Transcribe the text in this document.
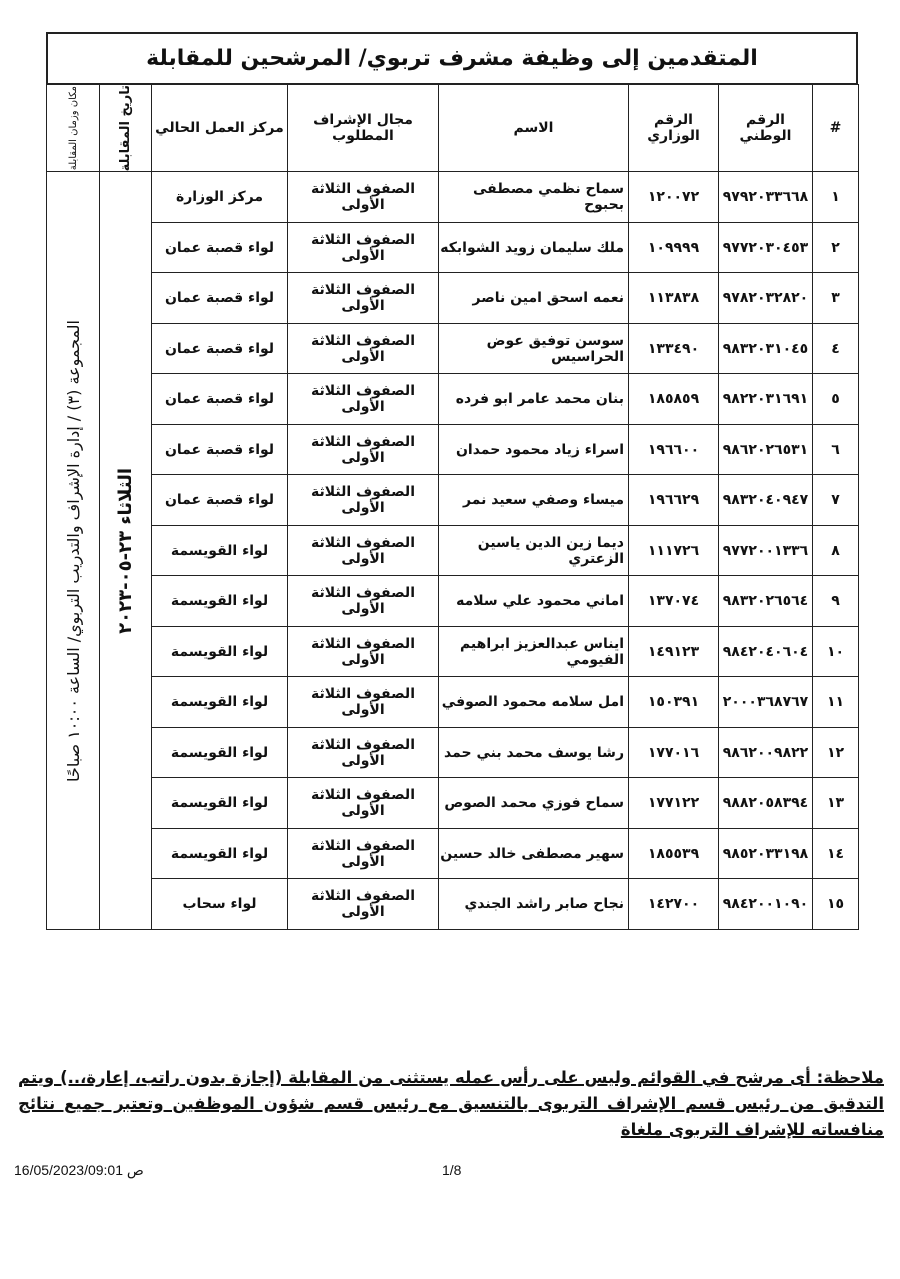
المتقدمين إلى وظيفة مشرف تربوي/ المرشحين للمقابلة
مكان وزمان المقابلة	تاريخ المقابلة	مركز العمل الحالي	مجال الإشراف المطلوب	الاسم	الرقم الوزاري	الرقم الوطني	#

المجموعة (٣) / إدارة الإشراف والتدريب التربوي/ الساعة ١٠:٠٠ صباحًا	الثلاثاء ٢٣-٠٥-٢٠٢٣	مركز الوزارة	الصفوف الثلاثة الأولى	سماح نظمي مصطفى بحبوح	١٢٠٠٧٢	٩٧٩٢٠٣٣٦٦٨	١
		لواء قصبة عمان	الصفوف الثلاثة الأولى	ملك سليمان زويد الشوابكه	١٠٩٩٩٩	٩٧٧٢٠٣٠٤٥٣	٢
		لواء قصبة عمان	الصفوف الثلاثة الأولى	نعمه اسحق امين ناصر	١١٣٨٣٨	٩٧٨٢٠٣٢٨٢٠	٣
		لواء قصبة عمان	الصفوف الثلاثة الأولى	سوسن توفيق عوض الحراسيس	١٣٣٤٩٠	٩٨٣٢٠٣١٠٤٥	٤
		لواء قصبة عمان	الصفوف الثلاثة الأولى	بنان محمد عامر ابو فرده	١٨٥٨٥٩	٩٨٢٢٠٣١٦٩١	٥
		لواء قصبة عمان	الصفوف الثلاثة الأولى	اسراء زياد محمود حمدان	١٩٦٦٠٠	٩٨٦٢٠٢٦٥٣١	٦
		لواء قصبة عمان	الصفوف الثلاثة الأولى	ميساء وصفي سعيد نمر	١٩٦٦٢٩	٩٨٣٢٠٤٠٩٤٧	٧
		لواء القويسمة	الصفوف الثلاثة الأولى	ديما زين الدين ياسين الزعتري	١١١٧٢٦	٩٧٧٢٠٠١٣٣٦	٨
		لواء القويسمة	الصفوف الثلاثة الأولى	اماني محمود علي سلامه	١٣٧٠٧٤	٩٨٣٢٠٢٦٥٦٤	٩
		لواء القويسمة	الصفوف الثلاثة الأولى	ايناس عبدالعزيز ابراهيم الفيومي	١٤٩١٢٣	٩٨٤٢٠٤٠٦٠٤	١٠
		لواء القويسمة	الصفوف الثلاثة الأولى	امل سلامه محمود الصوفي	١٥٠٣٩١	٢٠٠٠٣٦٨٧٦٧	١١
		لواء القويسمة	الصفوف الثلاثة الأولى	رشا يوسف محمد بني حمد	١٧٧٠١٦	٩٨٦٢٠٠٩٨٢٢	١٢
		لواء القويسمة	الصفوف الثلاثة الأولى	سماح فوزي محمد الصوص	١٧٧١٢٢	٩٨٨٢٠٥٨٣٩٤	١٣
		لواء القويسمة	الصفوف الثلاثة الأولى	سهير مصطفى خالد حسين	١٨٥٥٣٩	٩٨٥٢٠٣٣١٩٨	١٤
		لواء سحاب	الصفوف الثلاثة الأولى	نجاح صابر راشد الجندي	١٤٢٧٠٠	٩٨٤٢٠٠١٠٩٠	١٥
ملاحظة: أى مرشح في القوائم وليس على رأس عمله يستثنى من المقابلة (إجازة بدون راتب، إعارة،..) ويتم التدقيق من رئيس قسم الإشراف التربوى بالتنسيق مع رئيس قسم شؤون الموظفين وتعتبر جميع نتائج منافساته للإشراف التربوى ملغاة
16/05/2023/09:01 ص	1/8
